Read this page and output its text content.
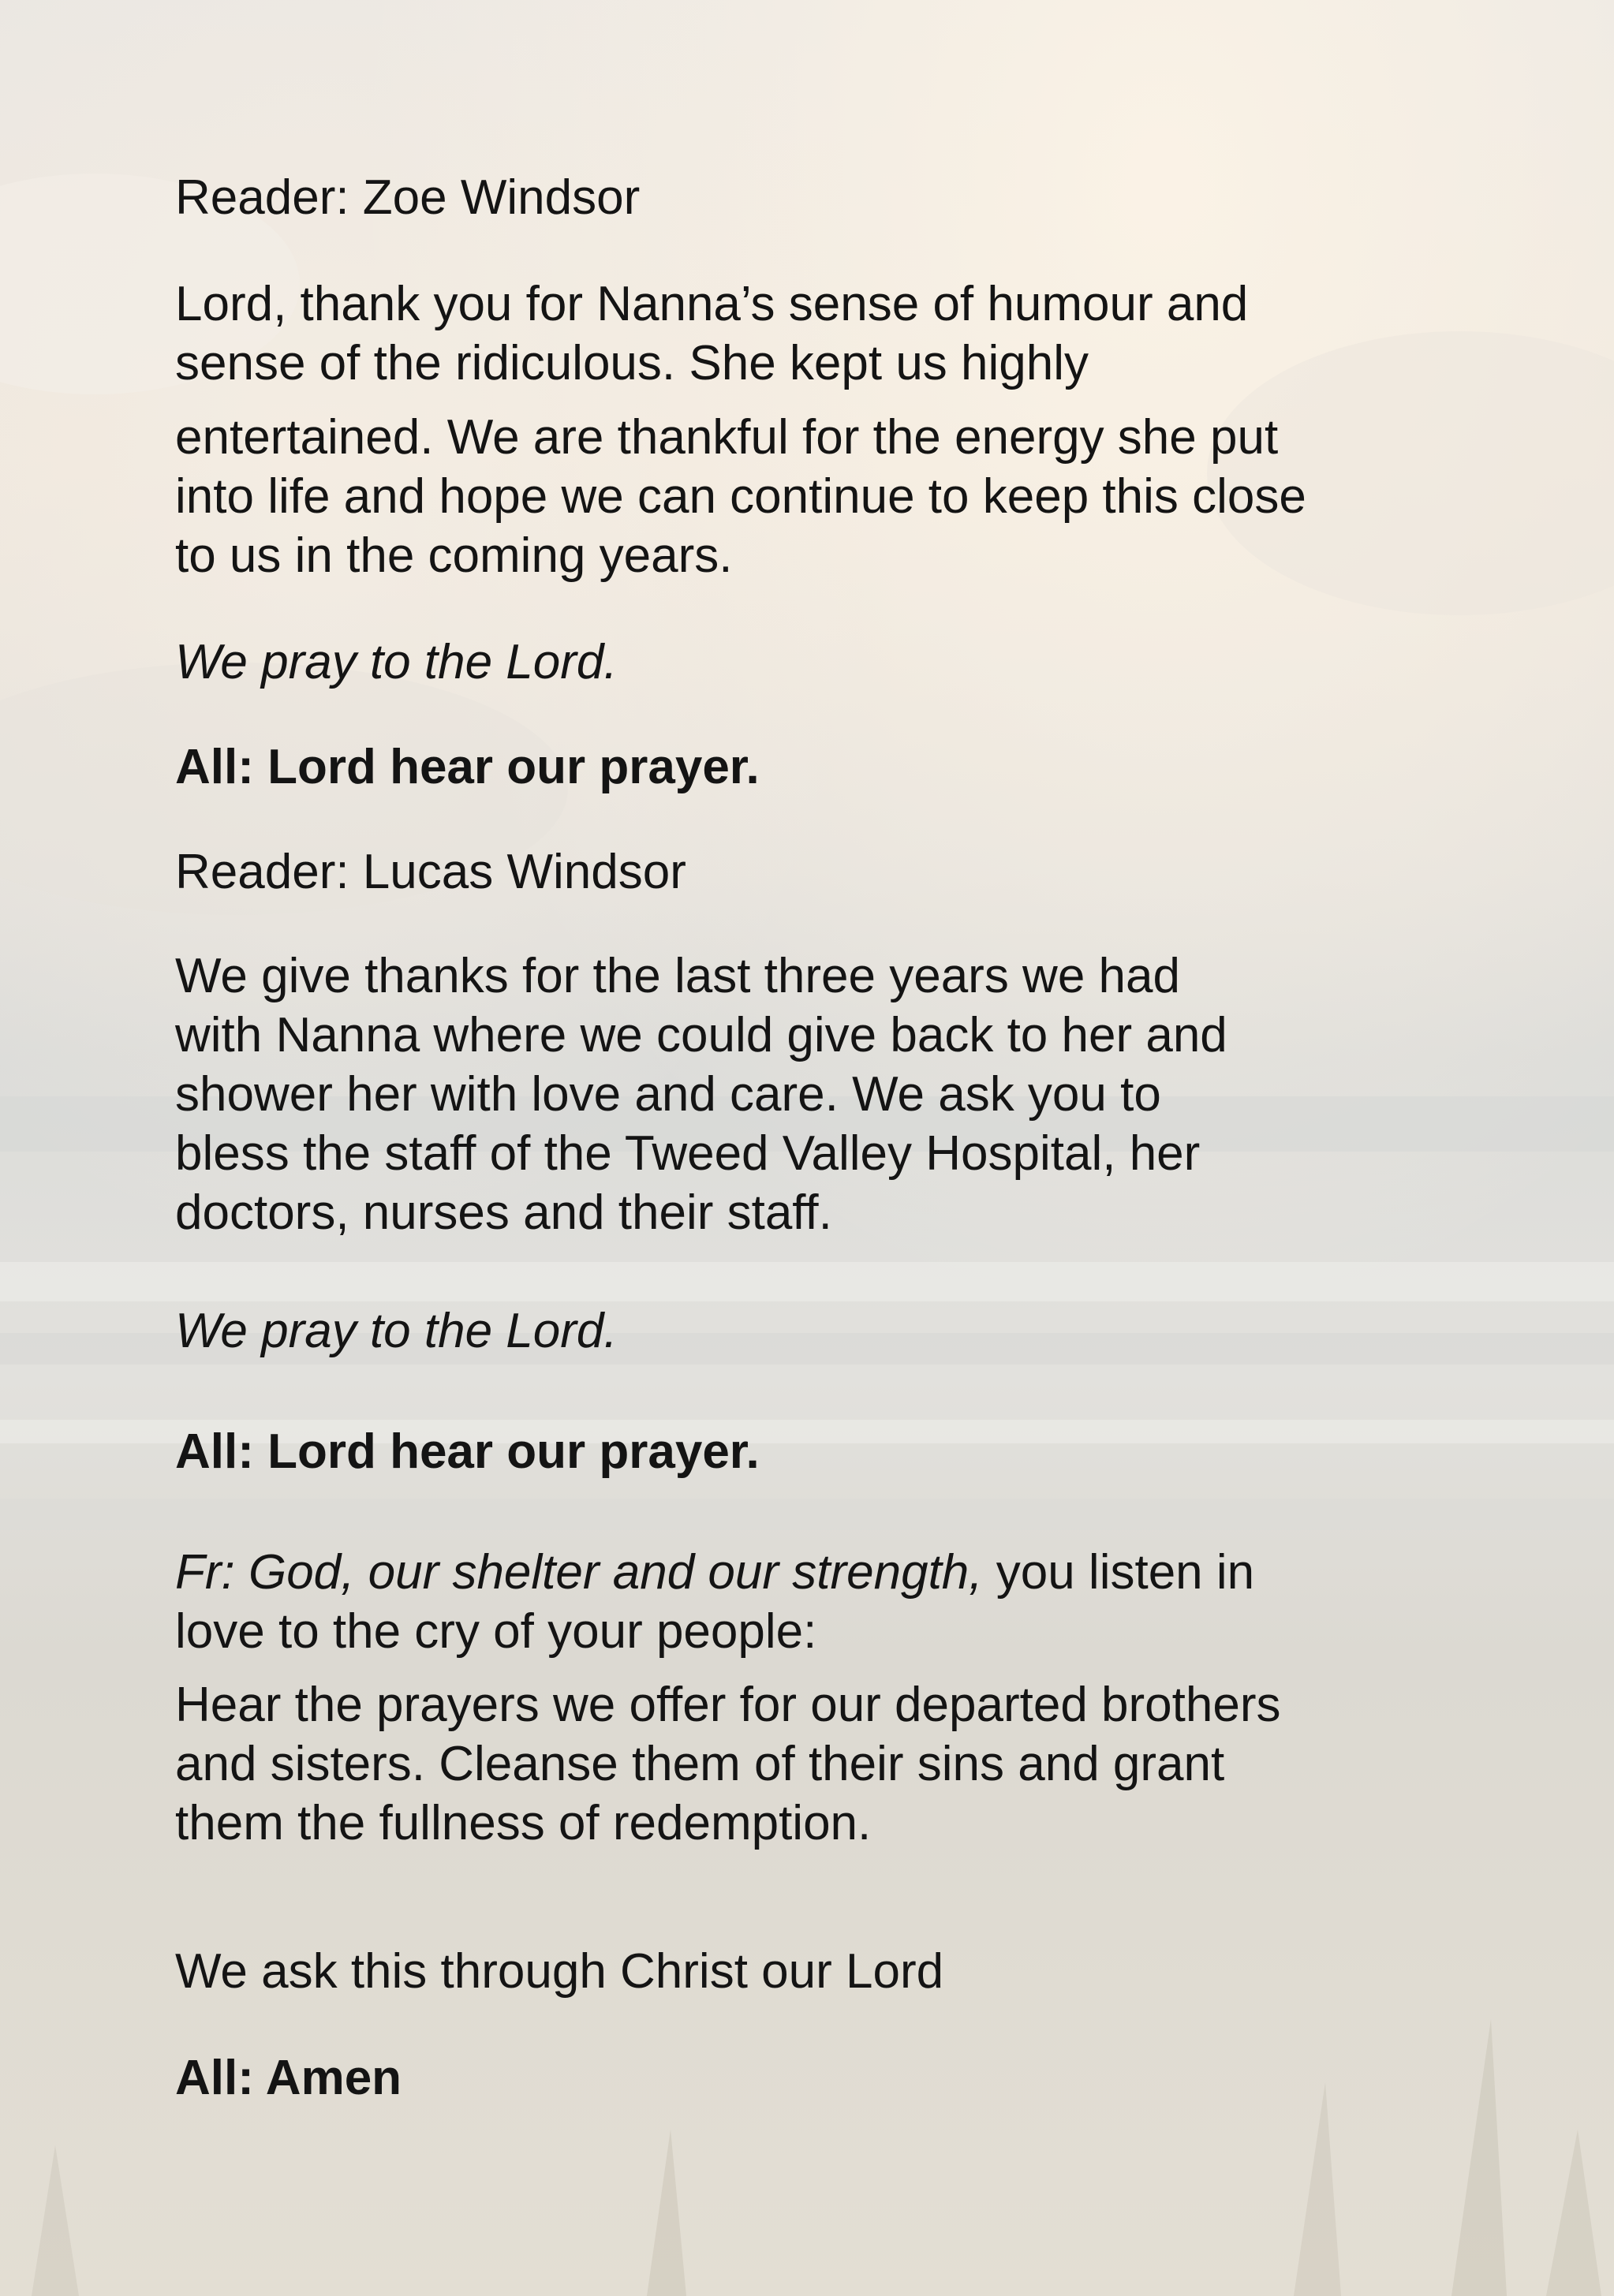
Reader: Zoe Windsor

Lord, thank you for Nanna’s sense of humour and

sense of the ridiculous. She kept us highly

entertained. We are thankful for the energy she put

into life and hope we can continue to keep this close

to us in the coming years.

We pray to the Lord.

All: Lord hear our prayer.

Reader: Lucas Windsor

We give thanks for the last three years we had

with Nanna where we could give back to her and

shower her with love and care. We ask you to

bless the staff of the Tweed Valley Hospital, her

doctors, nurses and their staff.

We pray to the Lord.

All: Lord hear our prayer.

Fr: God, our shelter and our strength, you listen in

love to the cry of your people:

Hear the prayers we offer for our departed brothers

and sisters. Cleanse them of their sins and grant

them the fullness of redemption.

We ask this through Christ our Lord

All: Amen
